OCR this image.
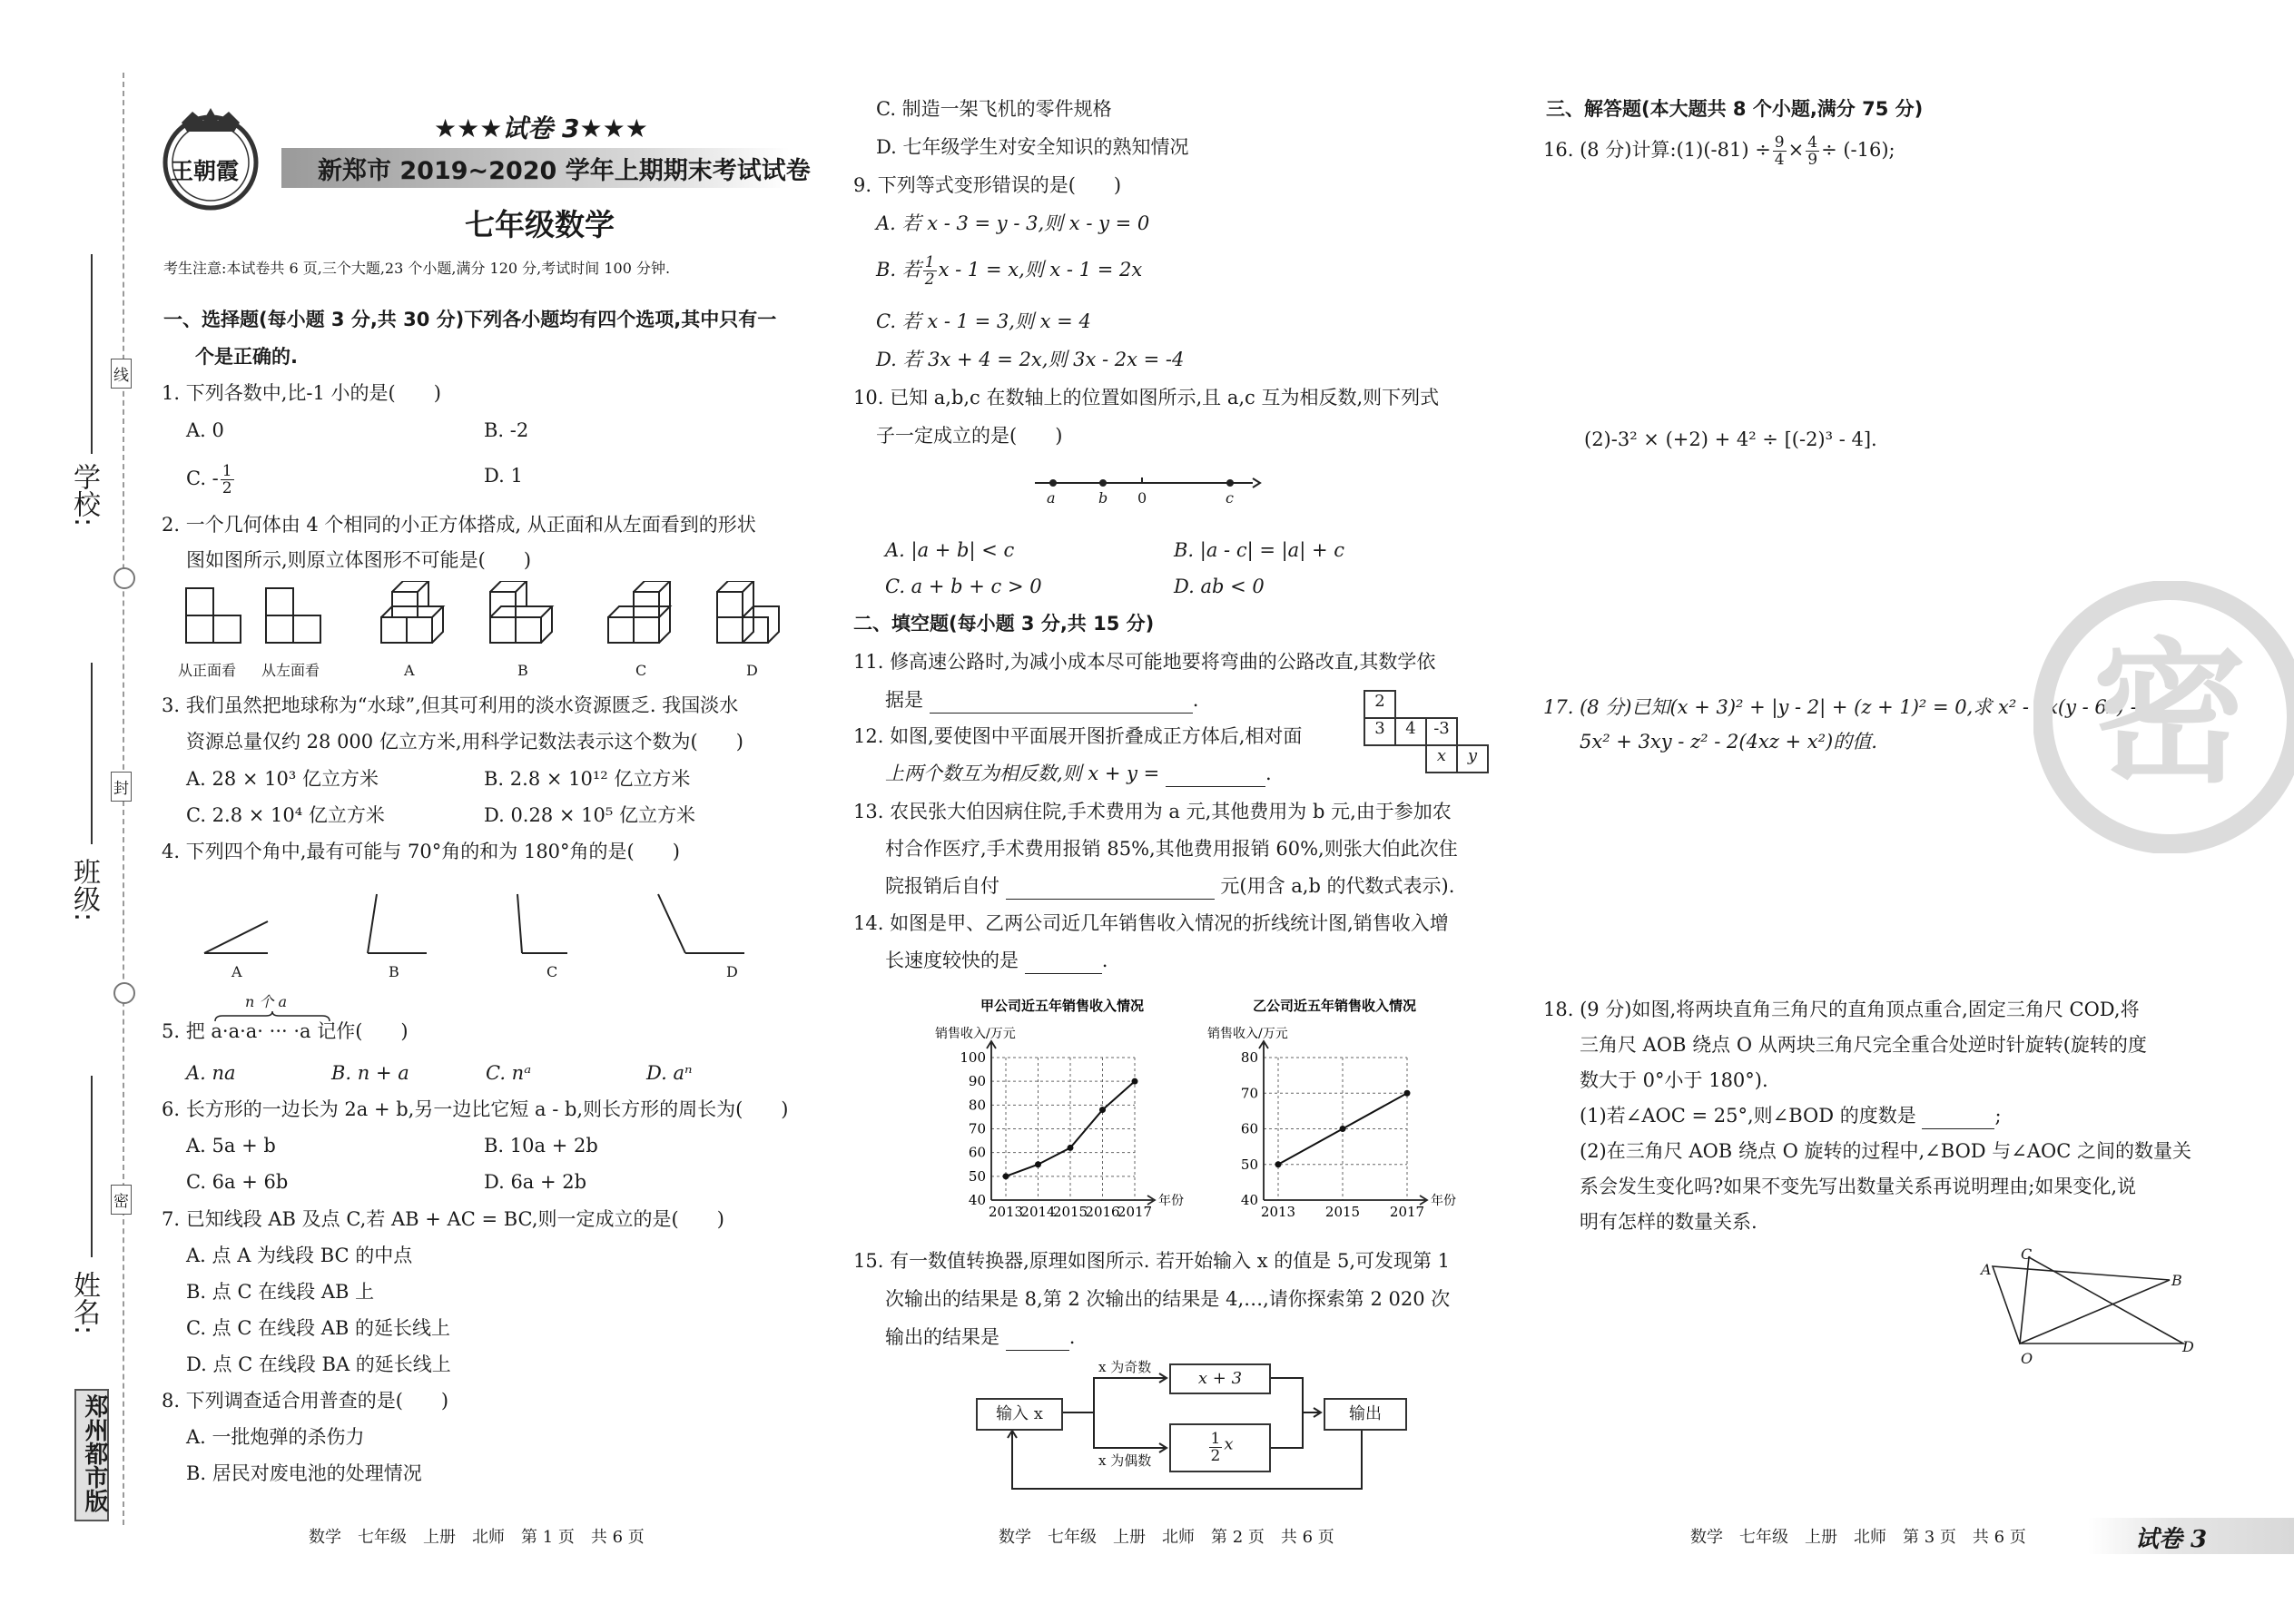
学校:
班级:
姓名:
线
封
密
郑州都市版
王朝霞
★★★试卷 3★★★
新郑市 2019~2020 学年上期期末考试试卷
七年级数学
考生注意:本试卷共 6 页,三个大题,23 个小题,满分 120 分,考试时间 100 分钟.
一、选择题(每小题 3 分,共 30 分)下列各小题均有四个选项,其中只有一
个是正确的.
1. 下列各数中,比-1 小的是(　　)
A. 0	B. -2
C. - $\frac{1}{2}$	D. 1
2. 一个几何体由 4 个相同的小正方体搭成, 从正面和从左面看到的形状
图如图所示,则原立体图形不可能是(　　)
从正面看 从左面看	A	B	C	D
3. 我们虽然把地球称为“水球”,但其可利用的淡水资源匮乏. 我国淡水
资源总量仅约 28 000 亿立方米,用科学记数法表示这个数为(　　)
A. 28 × 10³ 亿立方米	B. 2.8 × 10¹² 亿立方米
C. 2.8 × 10⁴ 亿立方米	D. 0.28 × 10⁵ 亿立方米
4. 下列四个角中,最有可能与 70°角的和为 180°角的是(　　)
A	B	C	D
n 个 a
5. 把 a·a·a· ··· ·a 记作(　　)
A. na	B. n + a	C. nᵃ	D. aⁿ
6. 长方形的一边长为 2a + b,另一边比它短 a - b,则长方形的周长为(　　)
A. 5a + b	B. 10a + 2b
C. 6a + 6b	D. 6a + 2b
7. 已知线段 AB 及点 C,若 AB + AC = BC,则一定成立的是(　　)
A. 点 A 为线段 BC 的中点
B. 点 C 在线段 AB 上
C. 点 C 在线段 AB 的延长线上
D. 点 C 在线段 BA 的延长线上
8. 下列调查适合用普查的是(　　)
A. 一批炮弹的杀伤力
B. 居民对废电池的处理情况
数学　七年级　上册　北师　第 1 页　共 6 页
C. 制造一架飞机的零件规格
D. 七年级学生对安全知识的熟知情况
9. 下列等式变形错误的是(　　)
A. 若 x - 3 = y - 3,则 x - y = 0
B. 若 $\frac{1}{2}$ x - 1 = x,则 x - 1 = 2x
C. 若 x - 1 = 3,则 x = 4
D. 若 3x + 4 = 2x,则 3x - 2x = -4
10. 已知 a,b,c 在数轴上的位置如图所示,且 a,c 互为相反数,则下列式
子一定成立的是(　　)
a	b 0	c
A. |a + b| < c	B. |a - c| = |a| + c
C. a + b + c > 0	D. ab < 0
二、填空题(每小题 3 分,共 15 分)
11. 修高速公路时,为减小成本尽可能地要将弯曲的公路改直,其数学依
据是	.
12. 如图,要使图中平面展开图折叠成正方体后,相对面
上两个数互为相反数,则 x + y =	.
2
3	4	-3
x	y
13. 农民张大伯因病住院,手术费用为 a 元,其他费用为 b 元,由于参加农
村合作医疗,手术费用报销 85%,其他费用报销 60%,则张大伯此次住
院报销后自付	元(用含 a,b 的代数式表示).
14. 如图是甲、乙两公司近几年销售收入情况的折线统计图,销售收入增
长速度较快的是	.
甲公司近五年销售收入情况
销售收入/万元
40
50
60
70
80
90
100
2013
2014
2015
2016
2017
年份
乙公司近五年销售收入情况
销售收入/万元
40
50
60
70
80
2013 2015 2017
年份
15. 有一数值转换器,原理如图所示. 若开始输入 x 的值是 5,可发现第 1
次输出的结果是 8,第 2 次输出的结果是 4,…,请你探索第 2 020 次
输出的结果是	.
输入 x
x + 3
$\frac{1}{2}$ x
输出
x 为奇数
x 为偶数
数学　七年级　上册　北师　第 2 页　共 6 页
三、解答题(本大题共 8 个小题,满分 75 分)
16. (8 分)计算:(1)(-81) ÷ $\frac{9}{4} \times \frac{4}{9} \div (-16)$;
(2)-3² × (+2) + 4² ÷ [(-2)³ - 4].
17. (8 分)已知(x + 3)² + |y - 2| + (z + 1)² = 0,求 x² - 2x(y - 6z) -
5x² + 3xy - z² - 2(4xz + x²)的值. 密
18. (9 分)如图,将两块直角三角尺的直角顶点重合,固定三角尺 COD,将
三角尺 AOB 绕点 O 从两块三角尺完全重合处逆时针旋转(旋转的度
数大于 0°小于 180°).
(1)若∠AOC = 25°,则∠BOD 的度数是	;
(2)在三角尺 AOB 绕点 O 旋转的过程中,∠BOD 与∠AOC 之间的数量关
系会发生变化吗?如果不变先写出数量关系再说明理由;如果变化,说
明有怎样的数量关系.
A
C
B
D
O
数学　七年级　上册　北师　第 3 页　共 6 页	试卷 3
